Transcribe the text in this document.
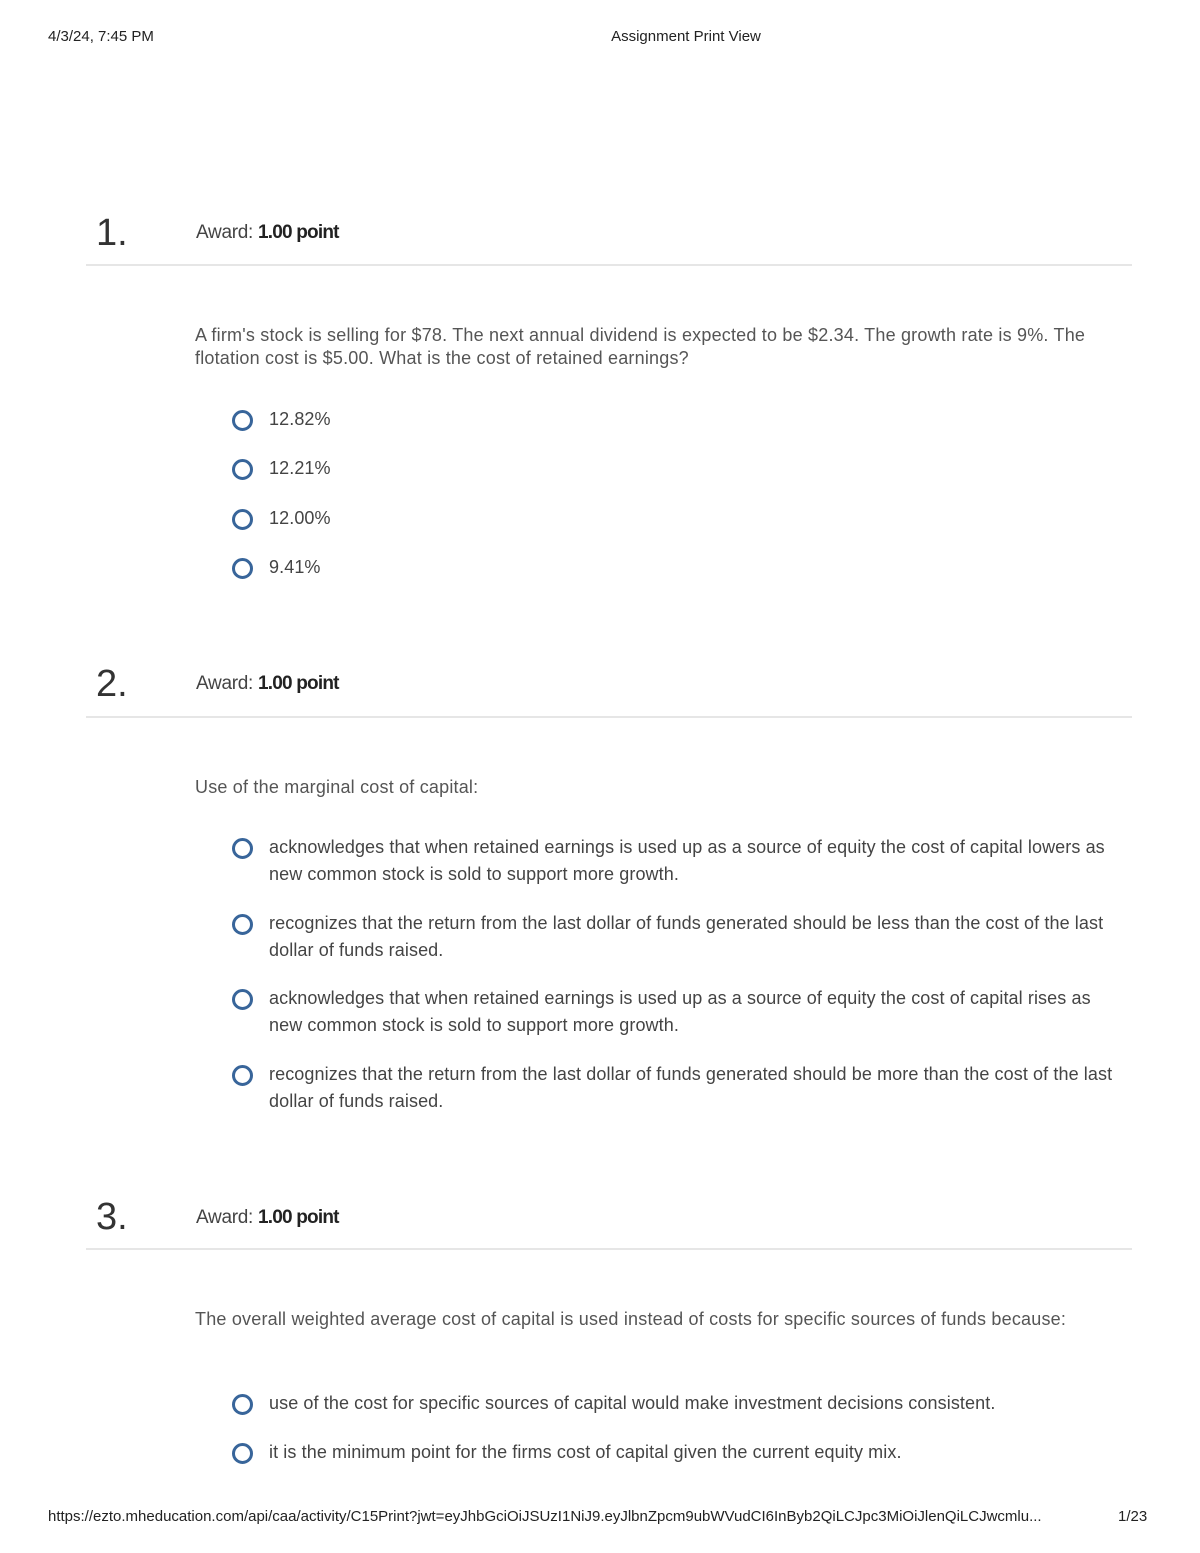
4/3/24, 7:45 PM	Assignment Print View
1.	Award: 1.00 point

A firm's stock is selling for $78. The next annual dividend is expected to be $2.34. The growth rate is 9%. The flotation cost is $5.00. What is the cost of retained earnings?

12.82%
12.21%
12.00%
9.41%
2.	Award: 1.00 point

Use of the marginal cost of capital:

acknowledges that when retained earnings is used up as a source of equity the cost of capital lowers as new common stock is sold to support more growth.
recognizes that the return from the last dollar of funds generated should be less than the cost of the last dollar of funds raised.
acknowledges that when retained earnings is used up as a source of equity the cost of capital rises as new common stock is sold to support more growth.
recognizes that the return from the last dollar of funds generated should be more than the cost of the last dollar of funds raised.
3.	Award: 1.00 point

The overall weighted average cost of capital is used instead of costs for specific sources of funds because:

use of the cost for specific sources of capital would make investment decisions consistent.
it is the minimum point for the firms cost of capital given the current equity mix.
https://ezto.mheducation.com/api/caa/activity/C15Print?jwt=eyJhbGciOiJSUzI1NiJ9.eyJlbnZpcm9ubWVudCI6InByb2QiLCJpc3MiOiJlenQiLCJwcmlu...	1/23
